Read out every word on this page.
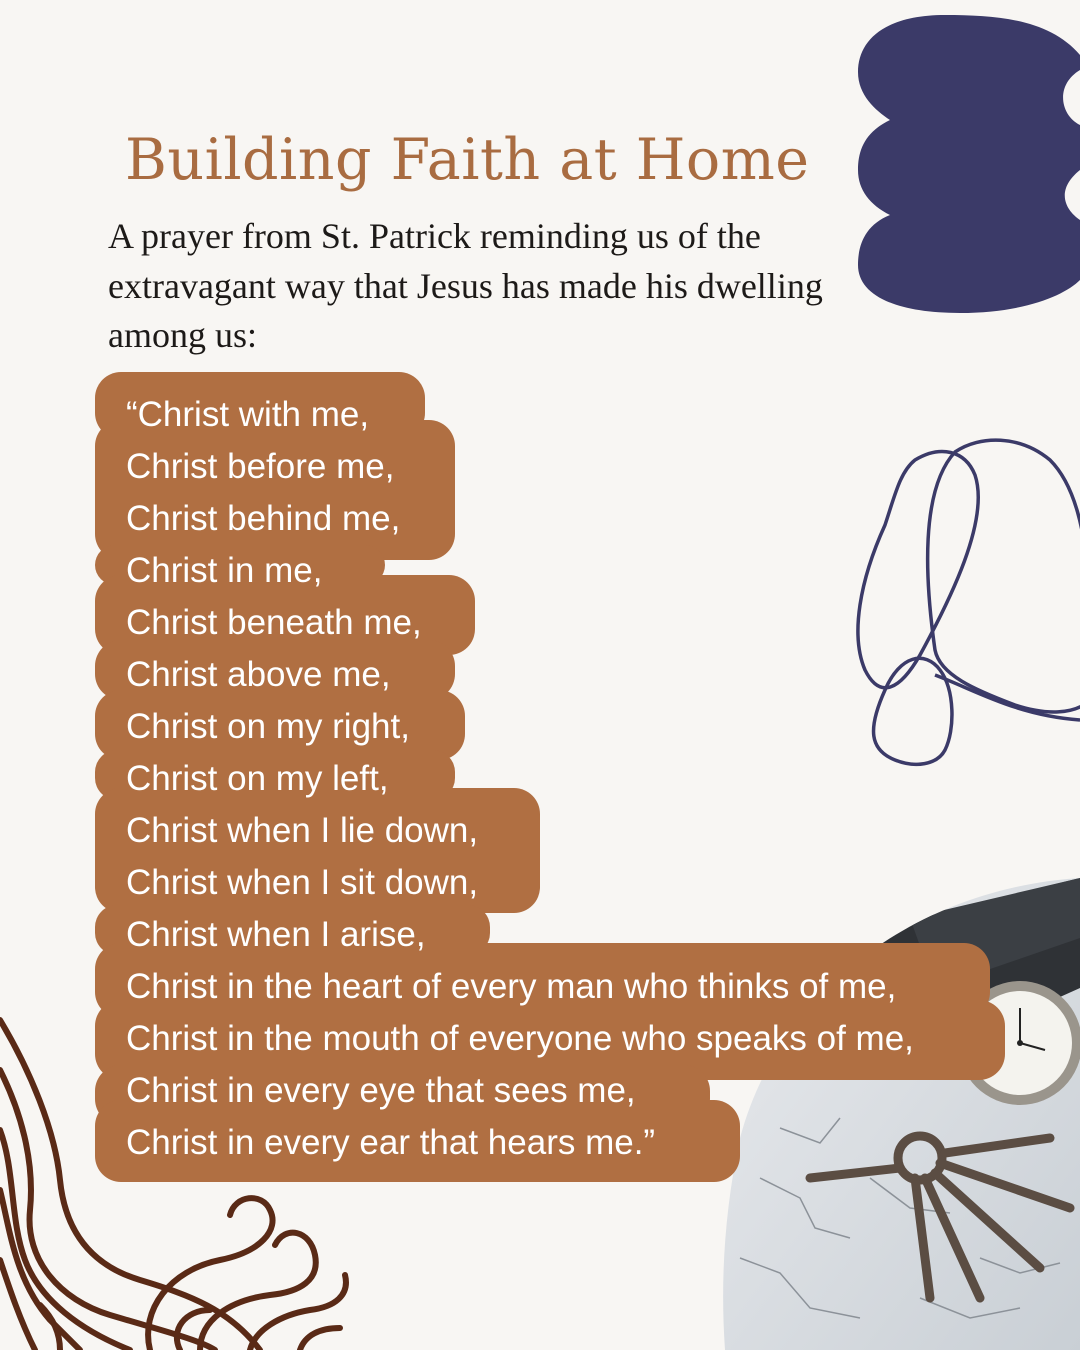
Building Faith at Home

A prayer from St. Patrick reminding us of the extravagant way that Jesus has made his dwelling among us:

“Christ with me,
Christ before me,
Christ behind me,
Christ in me,
Christ beneath me,
Christ above me,
Christ on my right,
Christ on my left,
Christ when I lie down,
Christ when I sit down,
Christ when I arise,
Christ in the heart of every man who thinks of me,
Christ in the mouth of everyone who speaks of me,
Christ in every eye that sees me,
Christ in every ear that hears me.”
